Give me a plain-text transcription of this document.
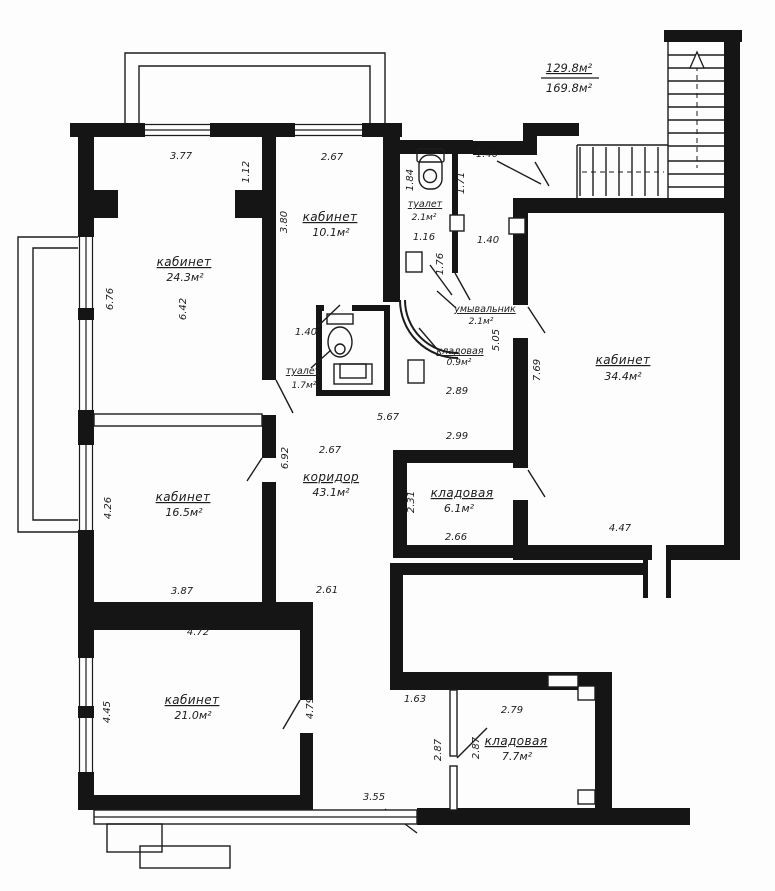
кабинет
24.3м²
кабинет
10.1м²
туалет
2.1м²
умывальник
2.1м²
кладовая
0.9м²
туалет
1.7м²
кабинет
34.4м²
коридор
43.1м²	кладовая
6.1м²
кабинет
16.5м²
кабинет
21.0м²
кладовая
7.7м²
129.8м²
169.8м²
3.77
1.12
2.67
3.80
1.84	1.71
1.40
1.16	1.40
1.76
6.76	6.42
1.40	5.05
7.69
2.89
5.67
2.99
2.67
6.92
2.31
2.66
4.26
3.87
4.47
2.61
4.72
4.45	4.79	1.63
2.79
2.87	2.87
3.55
